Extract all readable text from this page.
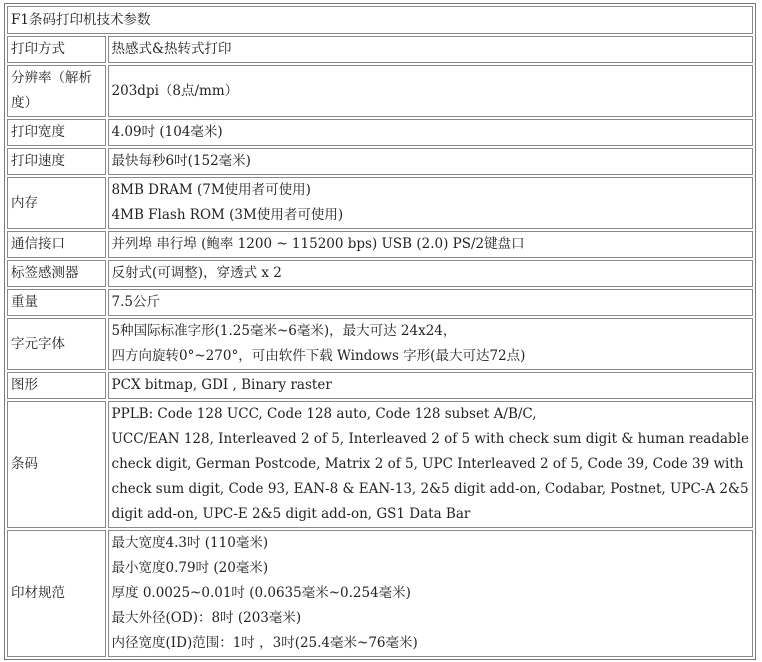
F1条码打印机技术参数	
打印方式	热感式&热转式打印

分辨率（解析度）	203dpi（8点/mm）

打印宽度	4.09吋 (104毫米)

打印速度	最快每秒6吋(152毫米)

内存	8MB DRAM (7M使用者可使用)
4MB Flash ROM (3M使用者可使用)

通信接口	并列埠 串行埠 (鲍率 1200 ~ 115200 bps) USB (2.0) PS/2键盘口

标签感测器	反射式(可调整)，穿透式 x 2

重量	7.5公斤

字元字体	5种国际标准字形(1.25毫米~6毫米)，最大可达 24x24，
四方向旋转0°~270°，可由软件下载 Windows 字形(最大可达72点)

图形	PCX bitmap, GDI , Binary raster

条码	PPLB: Code 128 UCC, Code 128 auto, Code 128 subset A/B/C,
UCC/EAN 128, Interleaved 2 of 5, Interleaved 2 of 5 with check sum digit & human readable
check digit, German Postcode, Matrix 2 of 5, UPC Interleaved 2 of 5, Code 39, Code 39 with
check sum digit, Code 93, EAN-8 & EAN-13, 2&5 digit add-on, Codabar, Postnet, UPC-A 2&5
digit add-on, UPC-E 2&5 digit add-on, GS1 Data Bar

印材规范	最大宽度4.3吋 (110毫米)
最小宽度0.79吋 (20毫米)
厚度 0.0025~0.01吋 (0.0635毫米~0.254毫米)
最大外径(OD)：8吋 (203毫米)
内径宽度(ID)范围：1吋 ，3吋(25.4毫米~76毫米)
